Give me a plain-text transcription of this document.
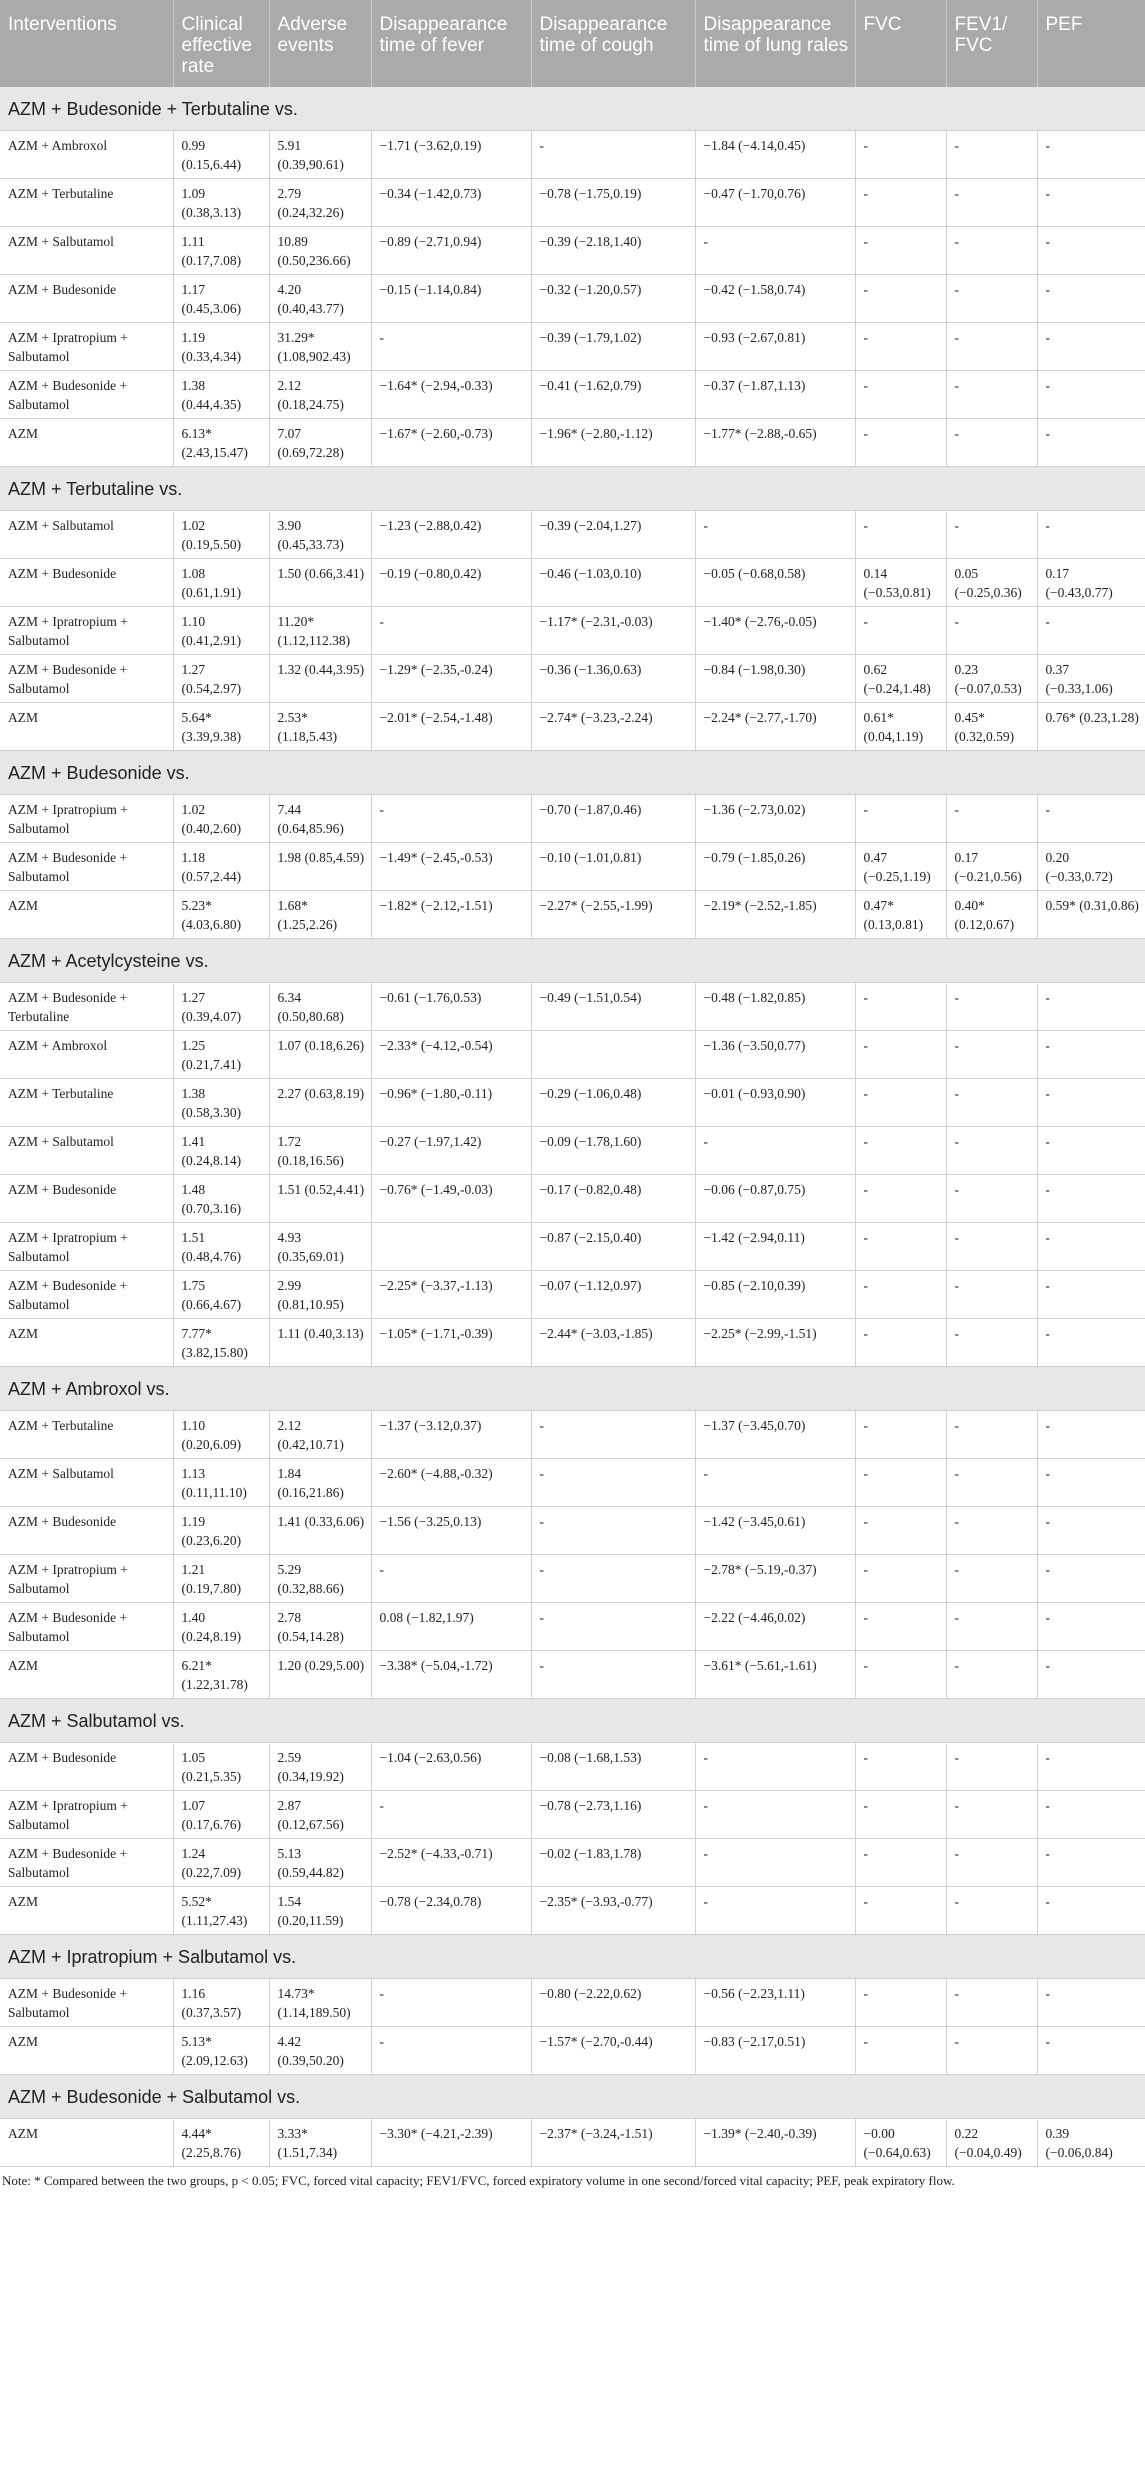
Interventions	Clinical effective rate	Adverse events	Disappearance time of fever	Disappearance time of cough	Disappearance time of lung rales	FVC	FEV1/ FVC	PEF
AZM + Budesonide + Terbutaline vs.								
AZM + Ambroxol	0.99 (0.15,6.44)	5.91 (0.39,90.61)	−1.71 (−3.62,0.19)	-	−1.84 (−4.14,0.45)	-	-	-
AZM + Terbutaline	1.09 (0.38,3.13)	2.79 (0.24,32.26)	−0.34 (−1.42,0.73)	−0.78 (−1.75,0.19)	−0.47 (−1.70,0.76)	-	-	-
AZM + Salbutamol	1.11 (0.17,7.08)	10.89 (0.50,236.66)	−0.89 (−2.71,0.94)	−0.39 (−2.18,1.40)	-	-	-	-
AZM + Budesonide	1.17 (0.45,3.06)	4.20 (0.40,43.77)	−0.15 (−1.14,0.84)	−0.32 (−1.20,0.57)	−0.42 (−1.58,0.74)	-	-	-
AZM + Ipratropium + Salbutamol	1.19 (0.33,4.34)	31.29* (1.08,902.43)	-	−0.39 (−1.79,1.02)	−0.93 (−2.67,0.81)	-	-	-
AZM + Budesonide + Salbutamol	1.38 (0.44,4.35)	2.12 (0.18,24.75)	−1.64* (−2.94,-0.33)	−0.41 (−1.62,0.79)	−0.37 (−1.87,1.13)	-	-	-
AZM	6.13* (2.43,15.47)	7.07 (0.69,72.28)	−1.67* (−2.60,-0.73)	−1.96* (−2.80,-1.12)	−1.77* (−2.88,-0.65)	-	-	-
AZM + Terbutaline vs.								
AZM + Salbutamol	1.02 (0.19,5.50)	3.90 (0.45,33.73)	−1.23 (−2.88,0.42)	−0.39 (−2.04,1.27)	-	-	-	-
AZM + Budesonide	1.08 (0.61,1.91)	1.50 (0.66,3.41)	−0.19 (−0.80,0.42)	−0.46 (−1.03,0.10)	−0.05 (−0.68,0.58)	0.14 (−0.53,0.81)	0.05 (−0.25,0.36)	0.17 (−0.43,0.77)
AZM + Ipratropium + Salbutamol	1.10 (0.41,2.91)	11.20* (1.12,112.38)	-	−1.17* (−2.31,-0.03)	−1.40* (−2.76,-0.05)	-	-	-
AZM + Budesonide + Salbutamol	1.27 (0.54,2.97)	1.32 (0.44,3.95)	−1.29* (−2.35,-0.24)	−0.36 (−1.36,0.63)	−0.84 (−1.98,0.30)	0.62 (−0.24,1.48)	0.23 (−0.07,0.53)	0.37 (−0.33,1.06)
AZM	5.64* (3.39,9.38)	2.53* (1.18,5.43)	−2.01* (−2.54,-1.48)	−2.74* (−3.23,-2.24)	−2.24* (−2.77,-1.70)	0.61* (0.04,1.19)	0.45* (0.32,0.59)	0.76* (0.23,1.28)
AZM + Budesonide vs.								
AZM + Ipratropium + Salbutamol	1.02 (0.40,2.60)	7.44 (0.64,85.96)	-	−0.70 (−1.87,0.46)	−1.36 (−2.73,0.02)	-	-	-
AZM + Budesonide + Salbutamol	1.18 (0.57,2.44)	1.98 (0.85,4.59)	−1.49* (−2.45,-0.53)	−0.10 (−1.01,0.81)	−0.79 (−1.85,0.26)	0.47 (−0.25,1.19)	0.17 (−0.21,0.56)	0.20 (−0.33,0.72)
AZM	5.23* (4.03,6.80)	1.68* (1.25,2.26)	−1.82* (−2.12,-1.51)	−2.27* (−2.55,-1.99)	−2.19* (−2.52,-1.85)	0.47* (0.13,0.81)	0.40* (0.12,0.67)	0.59* (0.31,0.86)
AZM + Acetylcysteine vs.								
AZM + Budesonide + Terbutaline	1.27 (0.39,4.07)	6.34 (0.50,80.68)	−0.61 (−1.76,0.53)	−0.49 (−1.51,0.54)	−0.48 (−1.82,0.85)	-	-	-
AZM + Ambroxol	1.25 (0.21,7.41)	1.07 (0.18,6.26)	−2.33* (−4.12,-0.54)		−1.36 (−3.50,0.77)	-	-	-
AZM + Terbutaline	1.38 (0.58,3.30)	2.27 (0.63,8.19)	−0.96* (−1.80,-0.11)	−0.29 (−1.06,0.48)	−0.01 (−0.93,0.90)	-	-	-
AZM + Salbutamol	1.41 (0.24,8.14)	1.72 (0.18,16.56)	−0.27 (−1.97,1.42)	−0.09 (−1.78,1.60)	-	-	-	-
AZM + Budesonide	1.48 (0.70,3.16)	1.51 (0.52,4.41)	−0.76* (−1.49,-0.03)	−0.17 (−0.82,0.48)	−0.06 (−0.87,0.75)	-	-	-
AZM + Ipratropium + Salbutamol	1.51 (0.48,4.76)	4.93 (0.35,69.01)		−0.87 (−2.15,0.40)	−1.42 (−2.94,0.11)	-	-	-
AZM + Budesonide + Salbutamol	1.75 (0.66,4.67)	2.99 (0.81,10.95)	−2.25* (−3.37,-1.13)	−0.07 (−1.12,0.97)	−0.85 (−2.10,0.39)	-	-	-
AZM	7.77* (3.82,15.80)	1.11 (0.40,3.13)	−1.05* (−1.71,-0.39)	−2.44* (−3.03,-1.85)	−2.25* (−2.99,-1.51)	-	-	-
AZM + Ambroxol vs.								
AZM + Terbutaline	1.10 (0.20,6.09)	2.12 (0.42,10.71)	−1.37 (−3.12,0.37)	-	−1.37 (−3.45,0.70)	-	-	-
AZM + Salbutamol	1.13 (0.11,11.10)	1.84 (0.16,21.86)	−2.60* (−4.88,-0.32)	-	-	-	-	-
AZM + Budesonide	1.19 (0.23,6.20)	1.41 (0.33,6.06)	−1.56 (−3.25,0.13)	-	−1.42 (−3.45,0.61)	-	-	-
AZM + Ipratropium + Salbutamol	1.21 (0.19,7.80)	5.29 (0.32,88.66)	-	-	−2.78* (−5.19,-0.37)	-	-	-
AZM + Budesonide + Salbutamol	1.40 (0.24,8.19)	2.78 (0.54,14.28)	0.08 (−1.82,1.97)	-	−2.22 (−4.46,0.02)	-	-	-
AZM	6.21* (1.22,31.78)	1.20 (0.29,5.00)	−3.38* (−5.04,-1.72)	-	−3.61* (−5.61,-1.61)	-	-	-
AZM + Salbutamol vs.								
AZM + Budesonide	1.05 (0.21,5.35)	2.59 (0.34,19.92)	−1.04 (−2.63,0.56)	−0.08 (−1.68,1.53)	-	-	-	-
AZM + Ipratropium + Salbutamol	1.07 (0.17,6.76)	2.87 (0.12,67.56)	-	−0.78 (−2.73,1.16)	-	-	-	-
AZM + Budesonide + Salbutamol	1.24 (0.22,7.09)	5.13 (0.59,44.82)	−2.52* (−4.33,-0.71)	−0.02 (−1.83,1.78)	-	-	-	-
AZM	5.52* (1.11,27.43)	1.54 (0.20,11.59)	−0.78 (−2.34,0.78)	−2.35* (−3.93,-0.77)	-	-	-	-
AZM + Ipratropium + Salbutamol vs.								
AZM + Budesonide + Salbutamol	1.16 (0.37,3.57)	14.73* (1.14,189.50)	-	−0.80 (−2.22,0.62)	−0.56 (−2.23,1.11)	-	-	-
AZM	5.13* (2.09,12.63)	4.42 (0.39,50.20)	-	−1.57* (−2.70,-0.44)	−0.83 (−2.17,0.51)	-	-	-
AZM + Budesonide + Salbutamol vs.								
AZM	4.44* (2.25,8.76)	3.33* (1.51,7.34)	−3.30* (−4.21,-2.39)	−2.37* (−3.24,-1.51)	−1.39* (−2.40,-0.39)	−0.00 (−0.64,0.63)	0.22 (−0.04,0.49)	0.39 (−0.06,0.84)
Note: * Compared between the two groups, p < 0.05; FVC, forced vital capacity; FEV1/FVC, forced expiratory volume in one second/forced vital capacity; PEF, peak expiratory flow.
